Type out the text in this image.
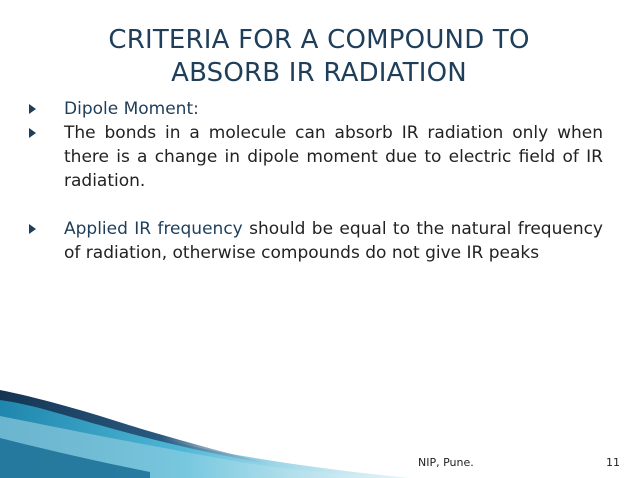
CRITERIA FOR A COMPOUND TO
ABSORB IR RADIATION
Dipole Moment:
The bonds in a molecule can absorb IR radiation only when there is a change in dipole moment due to electric field of IR radiation.
Applied IR frequency should be equal to the natural frequency of radiation, otherwise compounds do not give IR peaks
NIP, Pune.	11
